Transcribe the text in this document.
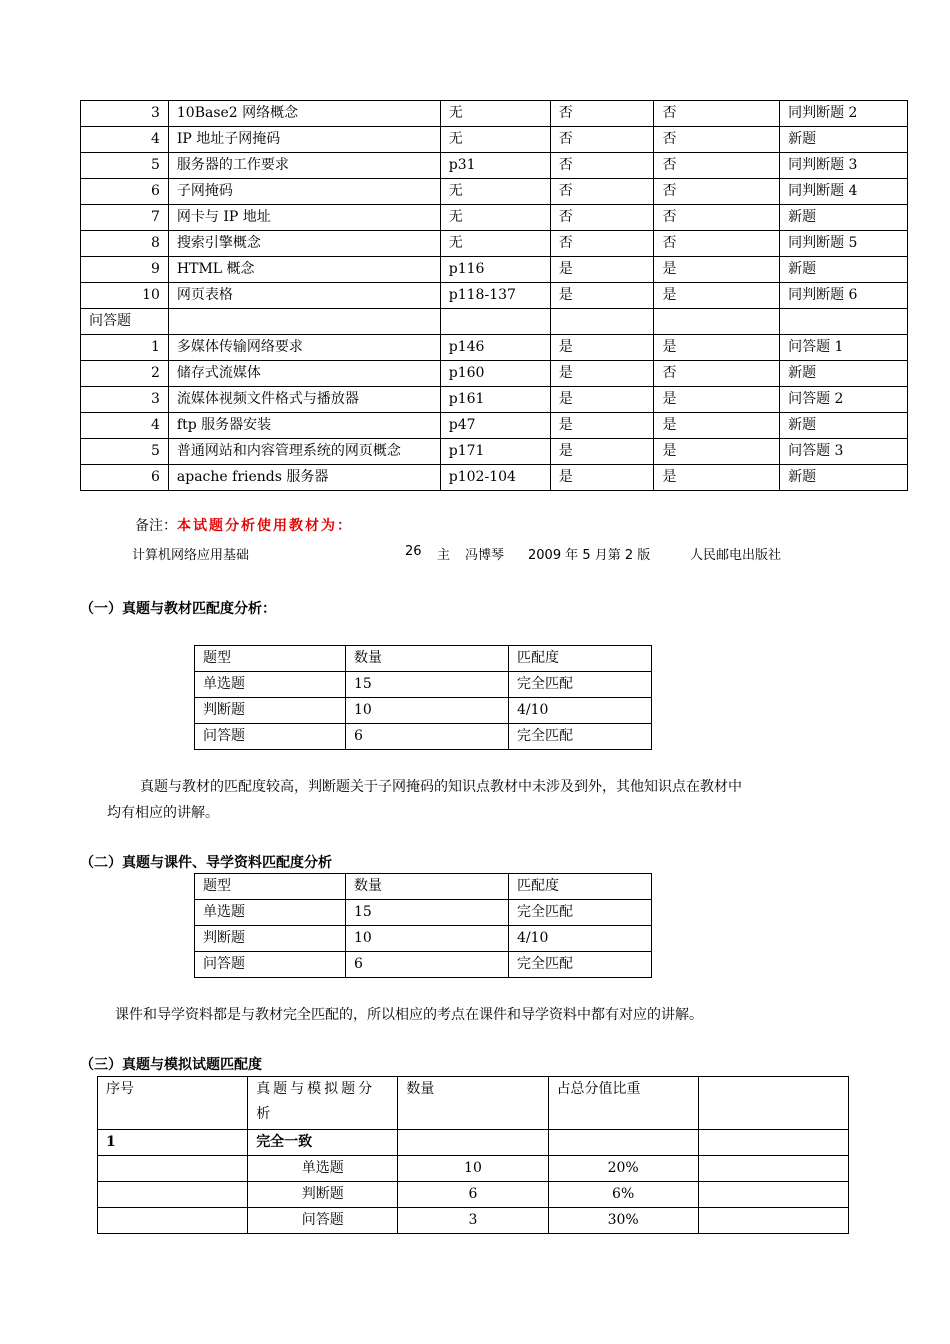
3	10Base2 网络概念	无	否	否	同判断题 2
4	IP 地址子网掩码	无	否	否	新题
5	服务器的工作要求	p31	否	否	同判断题 3
6	子网掩码	无	否	否	同判断题 4
7	网卡与 IP 地址	无	否	否	新题
8	搜索引擎概念	无	否	否	同判断题 5
9	HTML 概念	p116	是	是	新题
10	网页表格	p118-137	是	是	同判断题 6
问答题					
1	多媒体传输网络要求	p146	是	是	问答题 1
2	储存式流媒体	p160	是	否	新题
3	流媒体视频文件格式与播放器	p161	是	是	问答题 2
4	ftp 服务器安装	p47	是	是	新题
5	普通网站和内容管理系统的网页概念	p171	是	是	问答题 3
6	apache friends 服务器	p102-104	是	是	新题
备注：本试题分析使用教材为：
计算机网络应用基础	26 主 冯博琴 2009 年 5 月第 2 版	人民邮电出版社
（一）真题与教材匹配度分析：
题型	数量	匹配度
单选题	15	完全匹配
判断题	10	4/10
问答题	6	完全匹配
真题与教材的匹配度较高，判断题关于子网掩码的知识点教材中未涉及到外，其他知识点在教材中
均有相应的讲解。
（二）真题与课件、导学资料匹配度分析
题型	数量	匹配度
单选题	15	完全匹配
判断题	10	4/10
问答题	6	完全匹配
课件和导学资料都是与教材完全匹配的，所以相应的考点在课件和导学资料中都有对应的讲解。
（三）真题与模拟试题匹配度
序号	真题与模拟题分析	数量	占总分值比重	
1	完全一致			
	单选题	10	20%	
	判断题	6	6%	
	问答题	3	30%	
